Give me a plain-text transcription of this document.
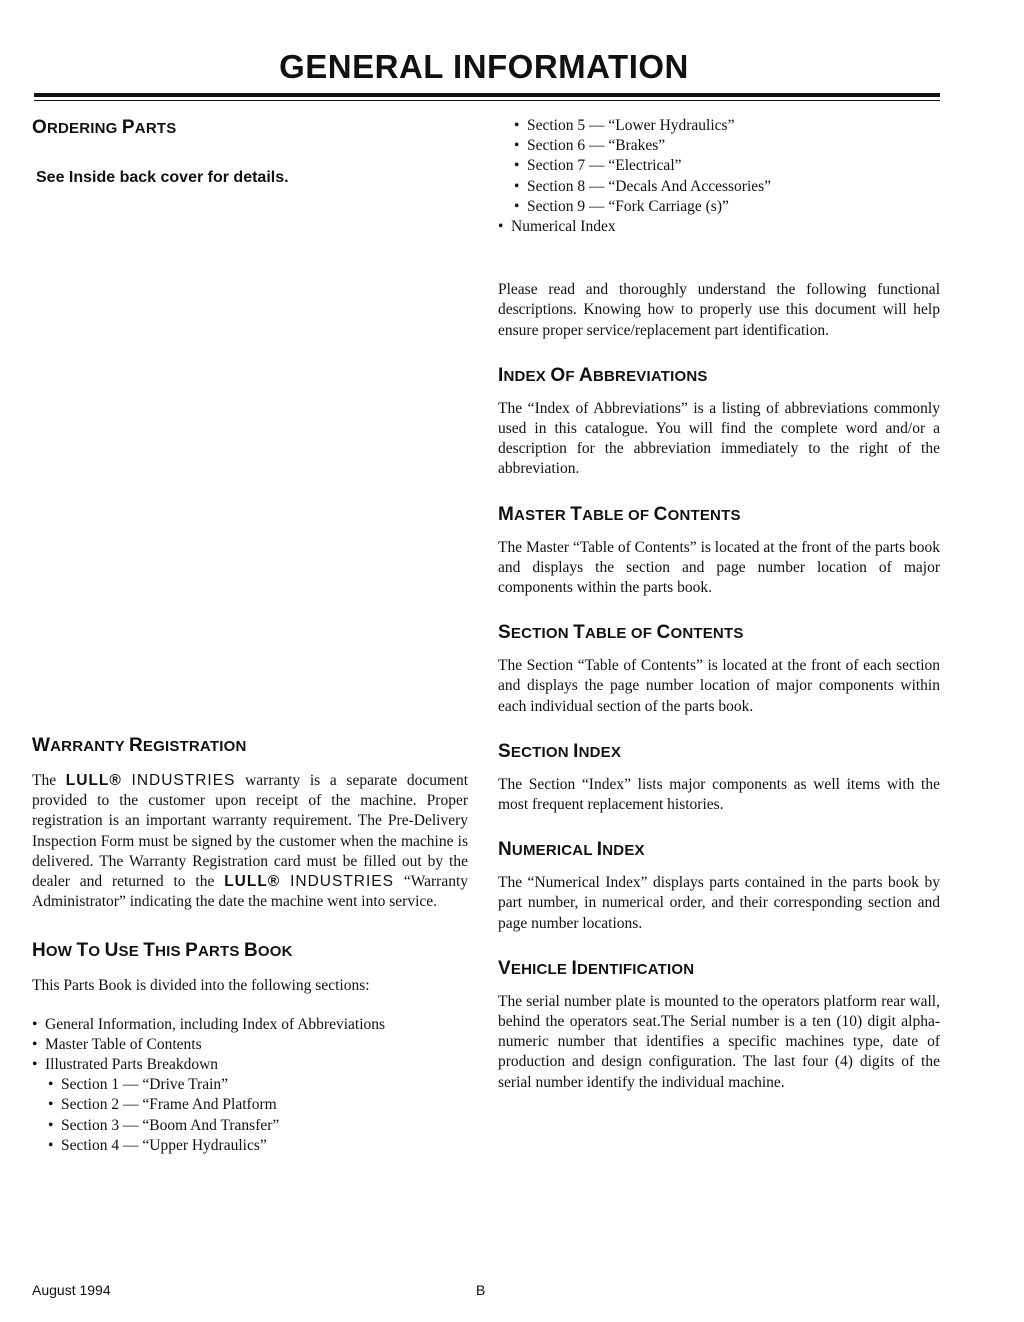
GENERAL INFORMATION
ORDERING PARTS
See Inside back cover for details.
WARRANTY REGISTRATION

The LULL® INDUSTRIES warranty is a separate document provided to the customer upon receipt of the machine. Proper registration is an important warranty requirement. The Pre-Delivery Inspection Form must be signed by the customer when the machine is delivered. The Warranty Registration card must be filled out by the dealer and returned to the LULL® INDUSTRIES “Warranty Administrator” indicating the date the machine went into service.

HOW TO USE THIS PARTS BOOK

This Parts Book is divided into the following sections:

• General Information, including Index of Abbreviations
• Master Table of Contents
• Illustrated Parts Breakdown
• Section 1 — “Drive Train”
• Section 2 — “Frame And Platform
• Section 3 — “Boom And Transfer”
• Section 4 — “Upper Hydraulics”
• Section 5 — “Lower Hydraulics”
• Section 6 — “Brakes”
• Section 7 — “Electrical”
• Section 8 — “Decals And Accessories”
• Section 9 — “Fork Carriage (s)”
• Numerical Index

Please read and thoroughly understand the following functional descriptions. Knowing how to properly use this document will help ensure proper service/replacement part identification.

INDEX OF ABBREVIATIONS

The “Index of Abbreviations” is a listing of abbreviations commonly used in this catalogue. You will find the complete word and/or a description for the abbreviation immediately to the right of the abbreviation.

MASTER TABLE OF CONTENTS

The Master “Table of Contents” is located at the front of the parts book and displays the section and page number location of major components within the parts book.

SECTION TABLE OF CONTENTS

The Section “Table of Contents” is located at the front of each section and displays the page number location of major components within each individual section of the parts book.

SECTION INDEX

The Section “Index” lists major components as well items with the most frequent replacement histories.

NUMERICAL INDEX

The “Numerical Index” displays parts contained in the parts book by part number, in numerical order, and their corresponding section and page number locations.

VEHICLE IDENTIFICATION

The serial number plate is mounted to the operators platform rear wall, behind the operators seat.The Serial number is a ten (10) digit alpha-numeric number that identifies a specific machines type, date of production and design configuration. The last four (4) digits of the serial number identify the individual machine.

August 1994	B
